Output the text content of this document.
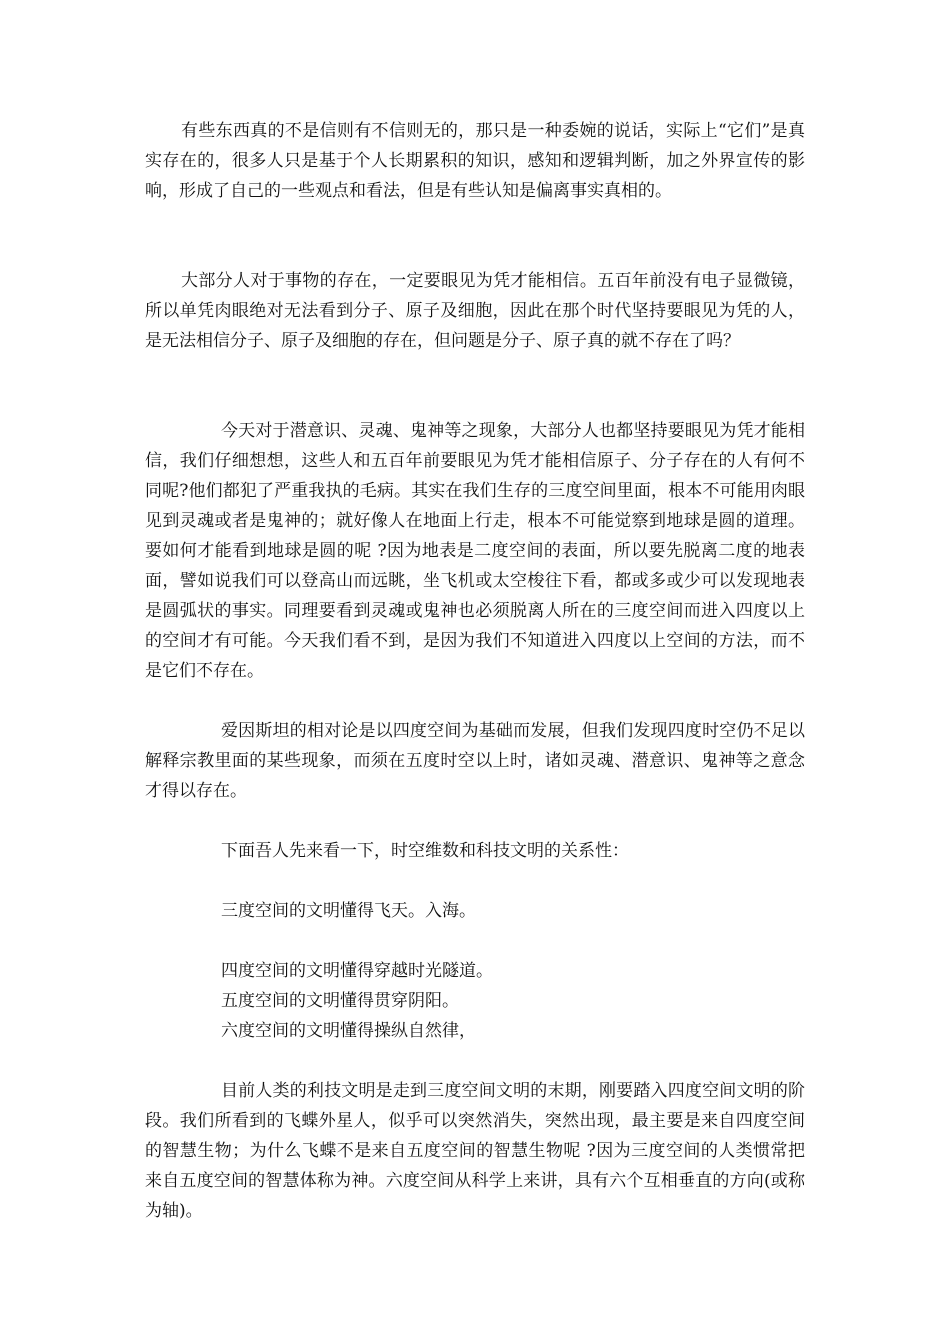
有些东西真的不是信则有不信则无的，那只是一种委婉的说话，实际上“它们”是真实存在的，很多人只是基于个人长期累积的知识，感知和逻辑判断，加之外界宣传的影响，形成了自己的一些观点和看法，但是有些认知是偏离事实真相的。

大部分人对于事物的存在，一定要眼见为凭才能相信。五百年前没有电子显微镜，所以单凭肉眼绝对无法看到分子、原子及细胞，因此在那个时代坚持要眼见为凭的人，是无法相信分子、原子及细胞的存在，但问题是分子、原子真的就不存在了吗？

今天对于潜意识、灵魂、鬼神等之现象，大部分人也都坚持要眼见为凭才能相信，我们仔细想想，这些人和五百年前要眼见为凭才能相信原子、分子存在的人有何不同呢?他们都犯了严重我执的毛病。其实在我们生存的三度空间里面，根本不可能用肉眼见到灵魂或者是鬼神的；就好像人在地面上行走，根本不可能觉察到地球是圆的道理。要如何才能看到地球是圆的呢 ?因为地表是二度空间的表面，所以要先脱离二度的地表面，譬如说我们可以登高山而远眺，坐飞机或太空梭往下看，都或多或少可以发现地表是圆弧状的事实。同理要看到灵魂或鬼神也必须脱离人所在的三度空间而进入四度以上的空间才有可能。今天我们看不到，是因为我们不知道进入四度以上空间的方法，而不是它们不存在。

爱因斯坦的相对论是以四度空间为基础而发展，但我们发现四度时空仍不足以解释宗教里面的某些现象，而须在五度时空以上时，诸如灵魂、潜意识、鬼神等之意念才得以存在。

下面吾人先来看一下，时空维数和科技文明的关系性：
三度空间的文明懂得飞天。入海。
四度空间的文明懂得穿越时光隧道。
五度空间的文明懂得贯穿阴阳。
六度空间的文明懂得操纵自然律，

目前人类的利技文明是走到三度空间文明的末期，刚要踏入四度空间文明的阶段。我们所看到的飞蝶外星人，似乎可以突然消失，突然出现，最主要是来自四度空间的智慧生物；为什么飞蝶不是来自五度空间的智慧生物呢 ?因为三度空间的人类惯常把来自五度空间的智慧体称为神。六度空间从科学上来讲，具有六个互相垂直的方向(或称为轴)。
